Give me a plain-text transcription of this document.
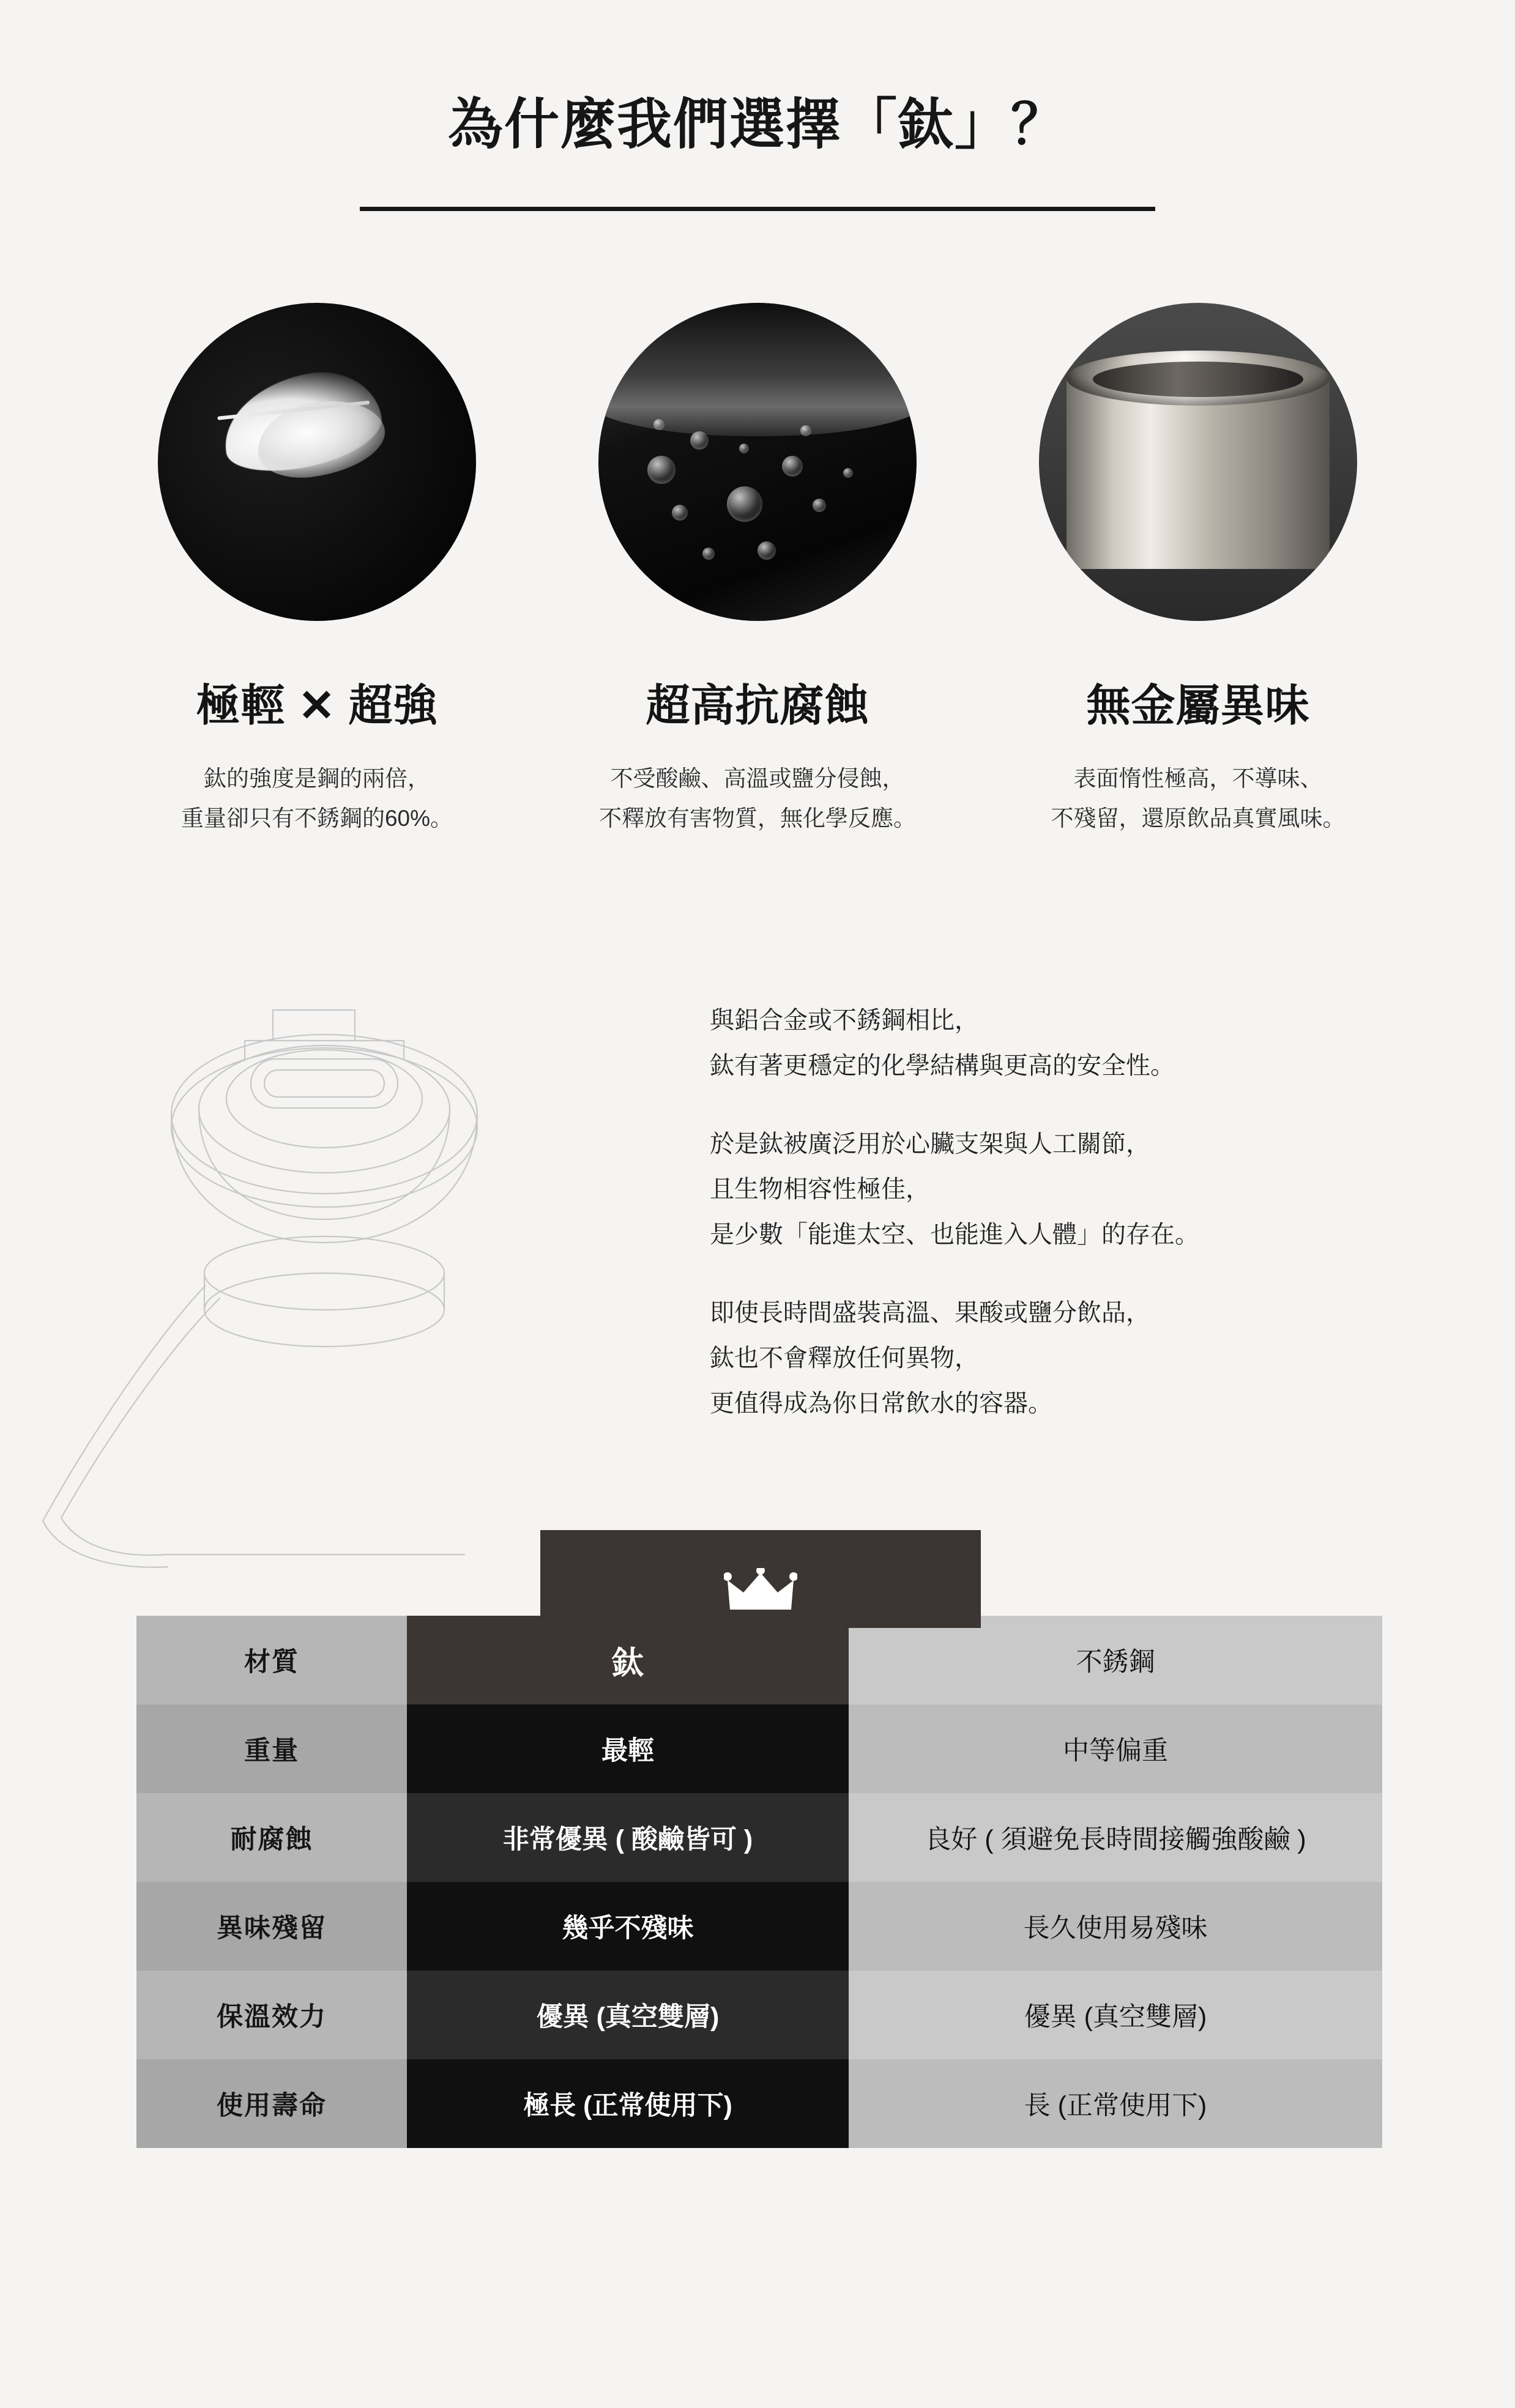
為什麼我們選擇「鈦」？
極輕 ✕ 超強
鈦的強度是鋼的兩倍，
重量卻只有不銹鋼的60%。
超高抗腐蝕
不受酸鹼、高溫或鹽分侵蝕，
不釋放有害物質，無化學反應。
無金屬異味
表面惰性極高，不導味、
不殘留，還原飲品真實風味。

與鋁合金或不銹鋼相比，
鈦有著更穩定的化學結構與更高的安全性。

於是鈦被廣泛用於心臟支架與人工關節，
且生物相容性極佳，
是少數「能進太空、也能進入人體」的存在。

即使長時間盛裝高溫、果酸或鹽分飲品，
鈦也不會釋放任何異物，
更值得成為你日常飲水的容器。

材質	鈦	不銹鋼
重量	最輕	中等偏重
耐腐蝕	非常優異 ( 酸鹼皆可 )	良好 ( 須避免長時間接觸強酸鹼 )
異味殘留	幾乎不殘味	長久使用易殘味
保溫效力	優異 (真空雙層)	優異 (真空雙層)
使用壽命	極長 (正常使用下)	長 (正常使用下)
